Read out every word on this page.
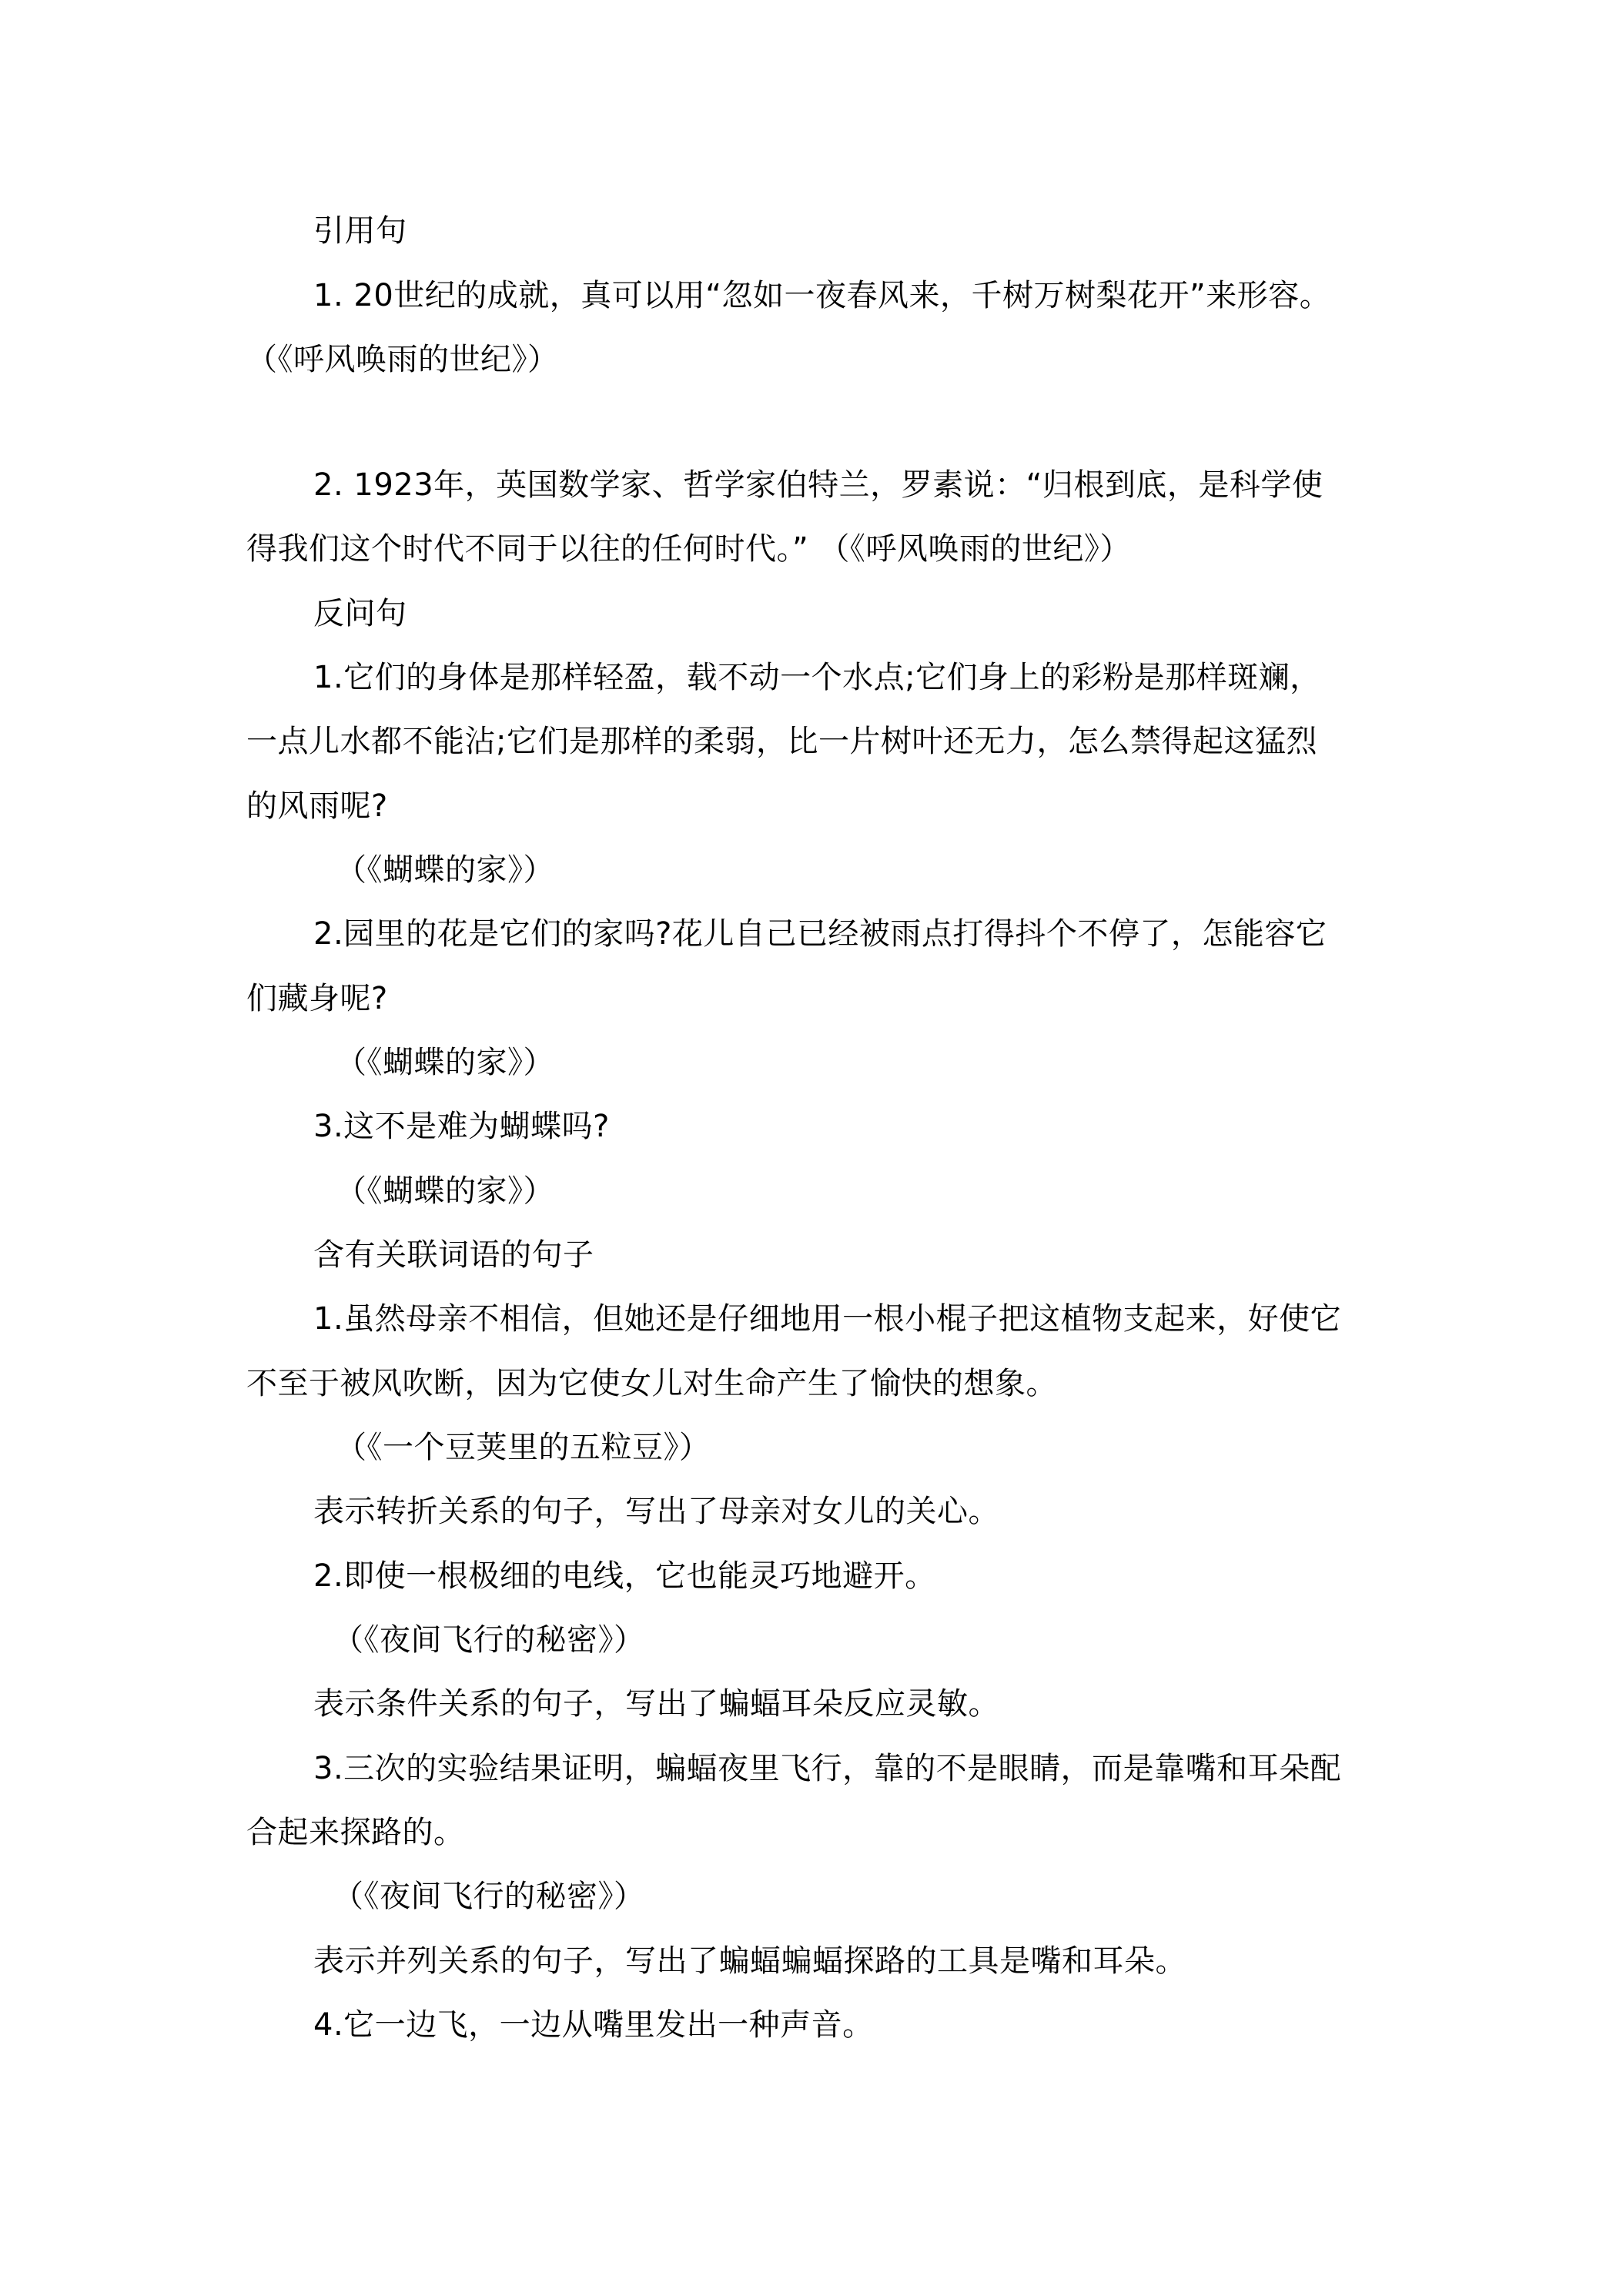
引用句
1. 20世纪的成就，真可以用“忽如一夜春风来，千树万树梨花开”来形容。
（《呼风唤雨的世纪》）
2. 1923年，英国数学家、哲学家伯特兰，罗素说：“归根到底，是科学使
得我们这个时代不同于以往的任何时代。” （《呼风唤雨的世纪》）
反问句
1.它们的身体是那样轻盈，载不动一个水点;它们身上的彩粉是那样斑斓，
一点儿水都不能沾;它们是那样的柔弱，比一片树叶还无力，怎么禁得起这猛烈
的风雨呢?
（《蝴蝶的家》）
2.园里的花是它们的家吗?花儿自己已经被雨点打得抖个不停了，怎能容它
们藏身呢?
（《蝴蝶的家》）
3.这不是难为蝴蝶吗?
（《蝴蝶的家》）
含有关联词语的句子
1.虽然母亲不相信，但她还是仔细地用一根小棍子把这植物支起来，好使它
不至于被风吹断，因为它使女儿对生命产生了愉快的想象。
（《一个豆荚里的五粒豆》）
表示转折关系的句子，写出了母亲对女儿的关心。
2.即使一根极细的电线，它也能灵巧地避开。
（《夜间飞行的秘密》）
表示条件关系的句子，写出了蝙蝠耳朵反应灵敏。
3.三次的实验结果证明，蝙蝠夜里飞行，靠的不是眼睛，而是靠嘴和耳朵配
合起来探路的。
（《夜间飞行的秘密》）
表示并列关系的句子，写出了蝙蝠蝙蝠探路的工具是嘴和耳朵。
4.它一边飞，一边从嘴里发出一种声音。
